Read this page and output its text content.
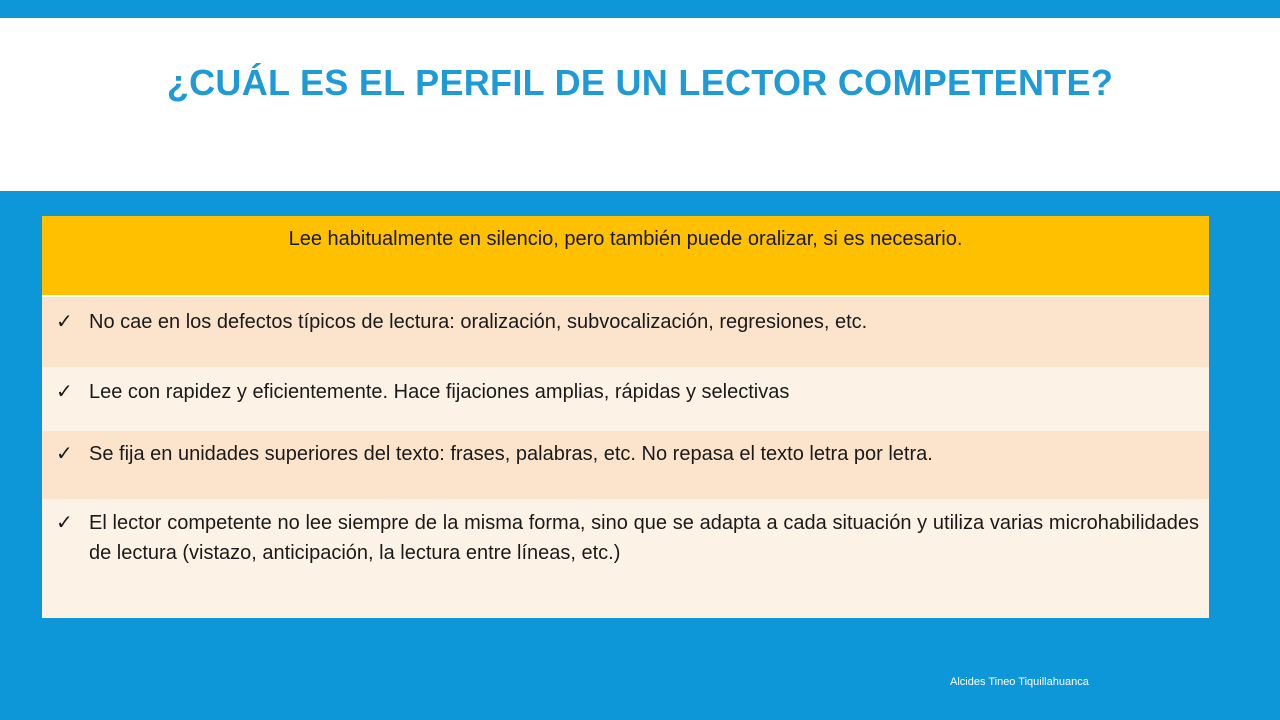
¿CUÁL ES EL PERFIL DE UN LECTOR COMPETENTE?
Lee habitualmente en silencio, pero también puede oralizar, si es necesario.
✓ No cae en los defectos típicos de lectura: oralización, subvocalización, regresiones, etc.
✓ Lee con rapidez y eficientemente. Hace fijaciones amplias, rápidas y selectivas
✓ Se fija en unidades superiores del texto: frases, palabras, etc. No repasa el texto letra por letra.
✓ El lector competente no lee siempre de la misma forma, sino que se adapta a cada situación y utiliza varias microhabilidades de lectura (vistazo, anticipación, la lectura entre líneas, etc.)
Alcides Tineo Tiquillahuanca
